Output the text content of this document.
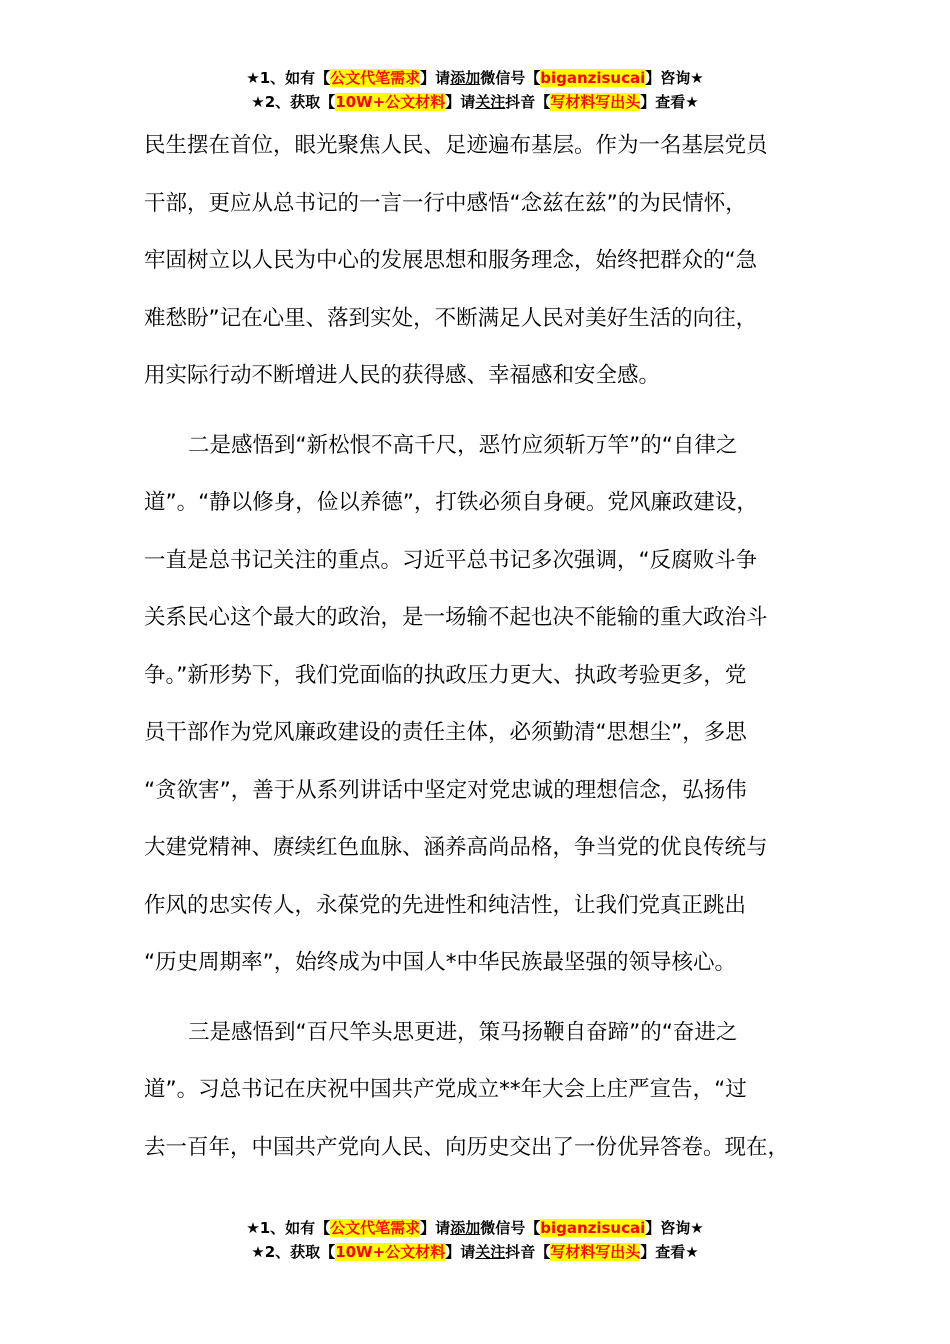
★1、如有【公文代笔需求】请添加微信号【biganzisucai】咨询★
★2、获取【10W+公文材料】请关注抖音【写材料写出头】查看★

民生摆在首位，眼光聚焦人民、足迹遍布基层。作为一名基层党员

干部，更应从总书记的一言一行中感悟“念兹在兹”的为民情怀，

牢固树立以人民为中心的发展思想和服务理念，始终把群众的“急

难愁盼”记在心里、落到实处，不断满足人民对美好生活的向往，

用实际行动不断增进人民的获得感、幸福感和安全感。

二是感悟到“新松恨不高千尺，恶竹应须斩万竿”的“自律之

道”。“静以修身，俭以养德”，打铁必须自身硬。党风廉政建设，

一直是总书记关注的重点。习近平总书记多次强调，“反腐败斗争

关系民心这个最大的政治，是一场输不起也决不能输的重大政治斗

争。”新形势下，我们党面临的执政压力更大、执政考验更多，党

员干部作为党风廉政建设的责任主体，必须勤清“思想尘”，多思

“贪欲害”，善于从系列讲话中坚定对党忠诚的理想信念，弘扬伟

大建党精神、赓续红色血脉、涵养高尚品格，争当党的优良传统与

作风的忠实传人，永葆党的先进性和纯洁性，让我们党真正跳出

“历史周期率”，始终成为中国人*中华民族最坚强的领导核心。

三是感悟到“百尺竿头思更进，策马扬鞭自奋蹄”的“奋进之

道”。习总书记在庆祝中国共产党成立**年大会上庄严宣告，“过

去一百年，中国共产党向人民、向历史交出了一份优异答卷。现在，

★1、如有【公文代笔需求】请添加微信号【biganzisucai】咨询★
★2、获取【10W+公文材料】请关注抖音【写材料写出头】查看★
